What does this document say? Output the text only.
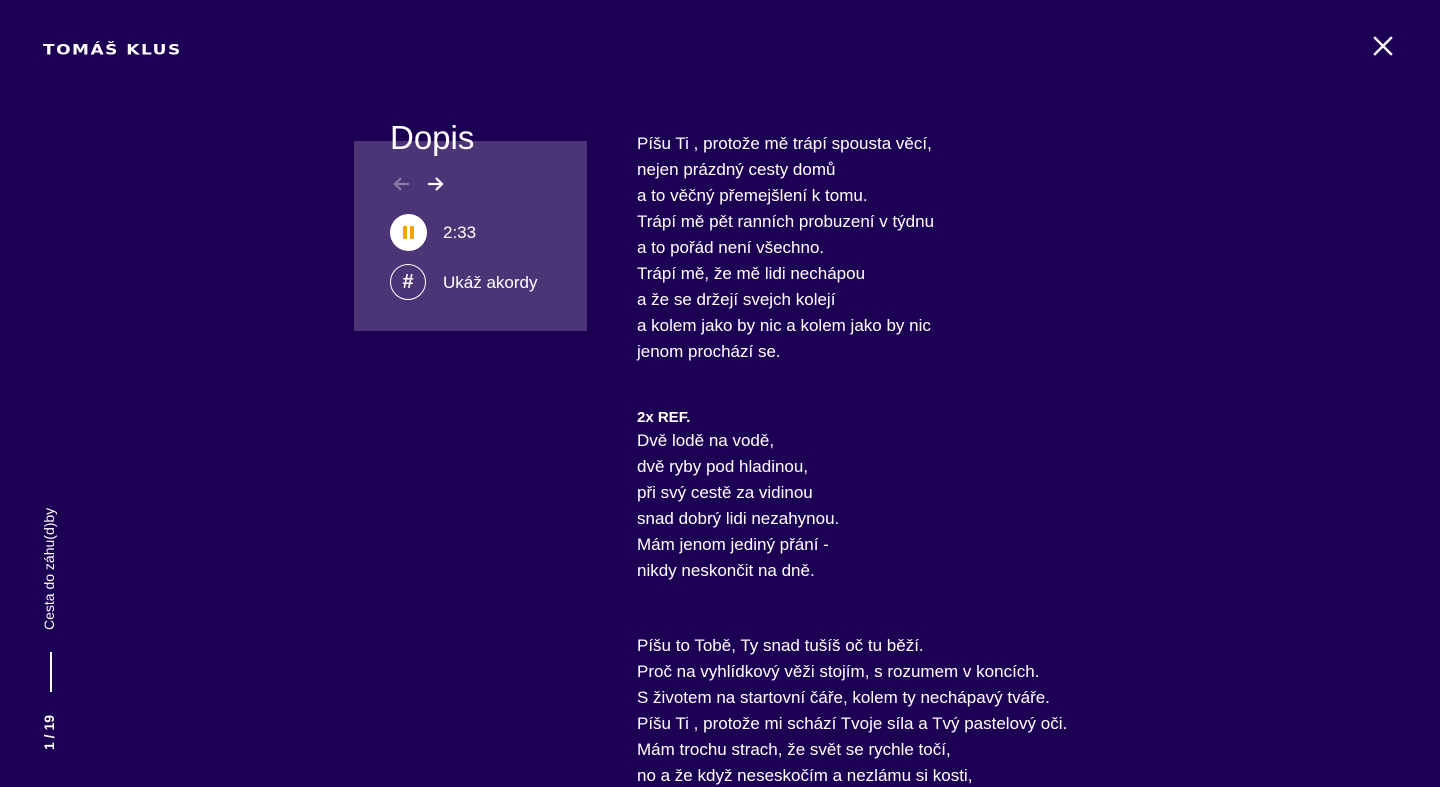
TOMÁŠ KLUS
Cesta do záhu(d)by
1 / 19
Dopis
2:33
#	Ukáž akordy
Píšu Ti , protože mě trápí spousta věcí,
nejen prázdný cesty domů
a to věčný přemejšlení k tomu.
Trápí mě pět ranních probuzení v týdnu
a to pořád není všechno.
Trápí mě, že mě lidi nechápou
a že se držejí svejch kolejí
a kolem jako by nic a kolem jako by nic
jenom prochází se.
2x REF.
Dvě lodě na vodě,
dvě ryby pod hladinou,
při svý cestě za vidinou
snad dobrý lidi nezahynou.
Mám jenom jediný přání -
nikdy neskončit na dně.
Píšu to Tobě, Ty snad tušíš oč tu běží.
Proč na vyhlídkový věži stojím, s rozumem v koncích.
S životem na startovní čáře, kolem ty nechápavý tváře.
Píšu Ti , protože mi schází Tvoje síla a Tvý pastelový oči.
Mám trochu strach, že svět se rychle točí,
no a že když neseskočím a nezlámu si kosti,
